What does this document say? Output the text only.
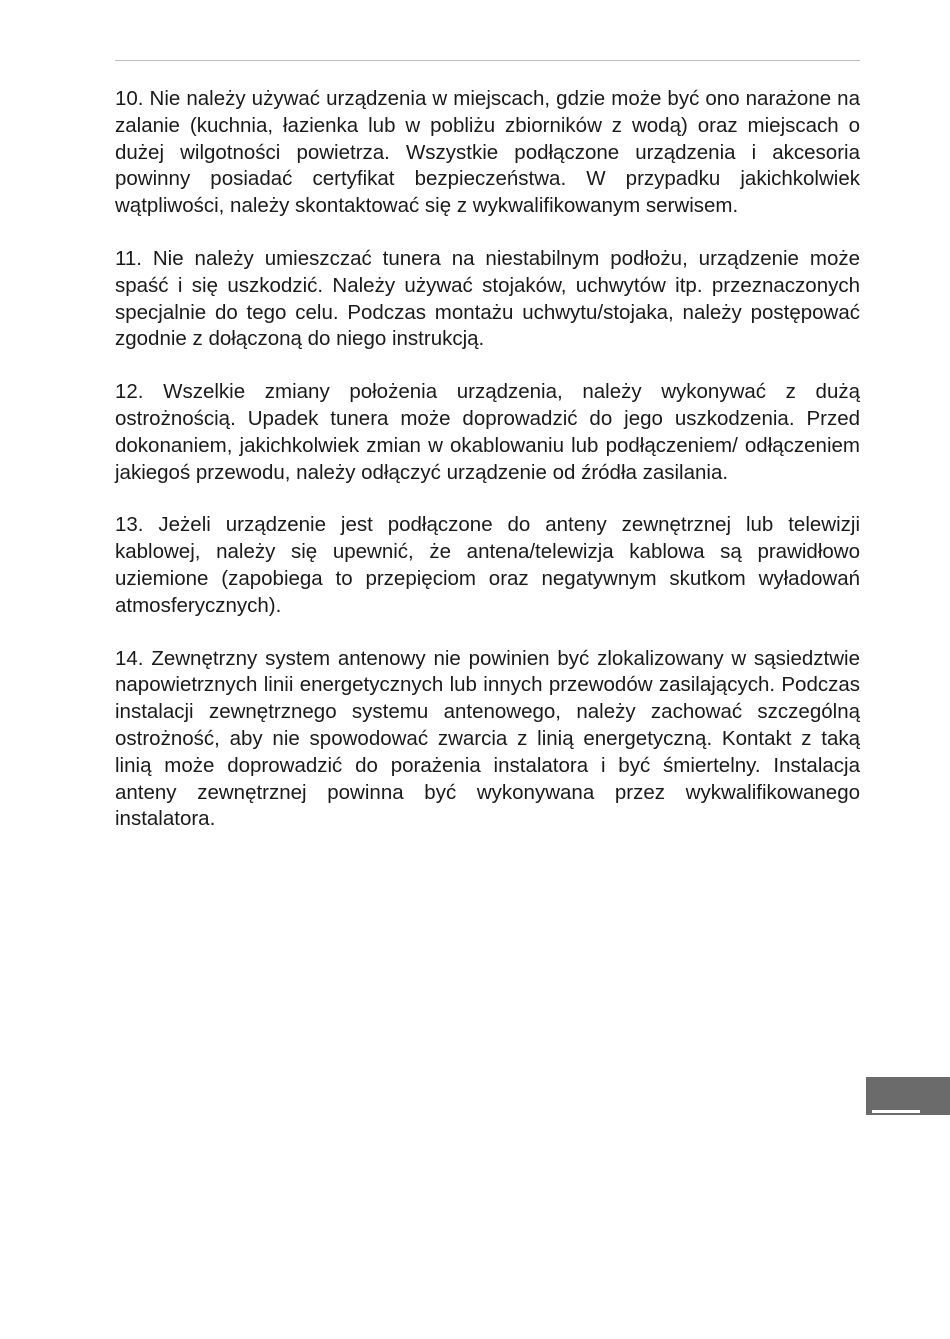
10. Nie należy używać urządzenia w miejscach, gdzie może być ono narażone na zalanie (kuchnia, łazienka lub w pobliżu zbiorników z wodą) oraz miejscach o dużej wilgotności powietrza. Wszystkie podłączone urządzenia i akcesoria powinny posiadać certyfikat bezpieczeństwa. W przypadku jakichkolwiek wątpliwości, należy skontaktować się z wykwalifikowanym serwisem.

11. Nie należy umieszczać tunera na niestabilnym podłożu, urządzenie może spaść i się uszkodzić. Należy używać stojaków, uchwytów itp. przeznaczonych specjalnie do tego celu. Podczas montażu uchwytu/stojaka, należy postępować zgodnie z dołączoną do niego instrukcją.

12. Wszelkie zmiany położenia urządzenia, należy wykonywać z dużą ostrożnością. Upadek tunera może doprowadzić do jego uszkodzenia. Przed dokonaniem, jakichkolwiek zmian w okablowaniu lub podłączeniem/ odłączeniem jakiegoś przewodu, należy odłączyć urządzenie od źródła zasilania.

13. Jeżeli urządzenie jest podłączone do anteny zewnętrznej lub telewizji kablowej, należy się upewnić, że antena/telewizja kablowa są prawidłowo uziemione (zapobiega to przepięciom oraz negatywnym skutkom wyładowań atmosferycznych).

14. Zewnętrzny system antenowy nie powinien być zlokalizowany w sąsiedztwie napowietrznych linii energetycznych lub innych przewodów zasilających. Podczas instalacji zewnętrznego systemu antenowego, należy zachować szczególną ostrożność, aby nie spowodować zwarcia z linią energetyczną. Kontakt z taką linią może doprowadzić do porażenia instalatora i być śmiertelny. Instalacja anteny zewnętrznej powinna być wykonywana przez wykwalifikowanego instalatora.
